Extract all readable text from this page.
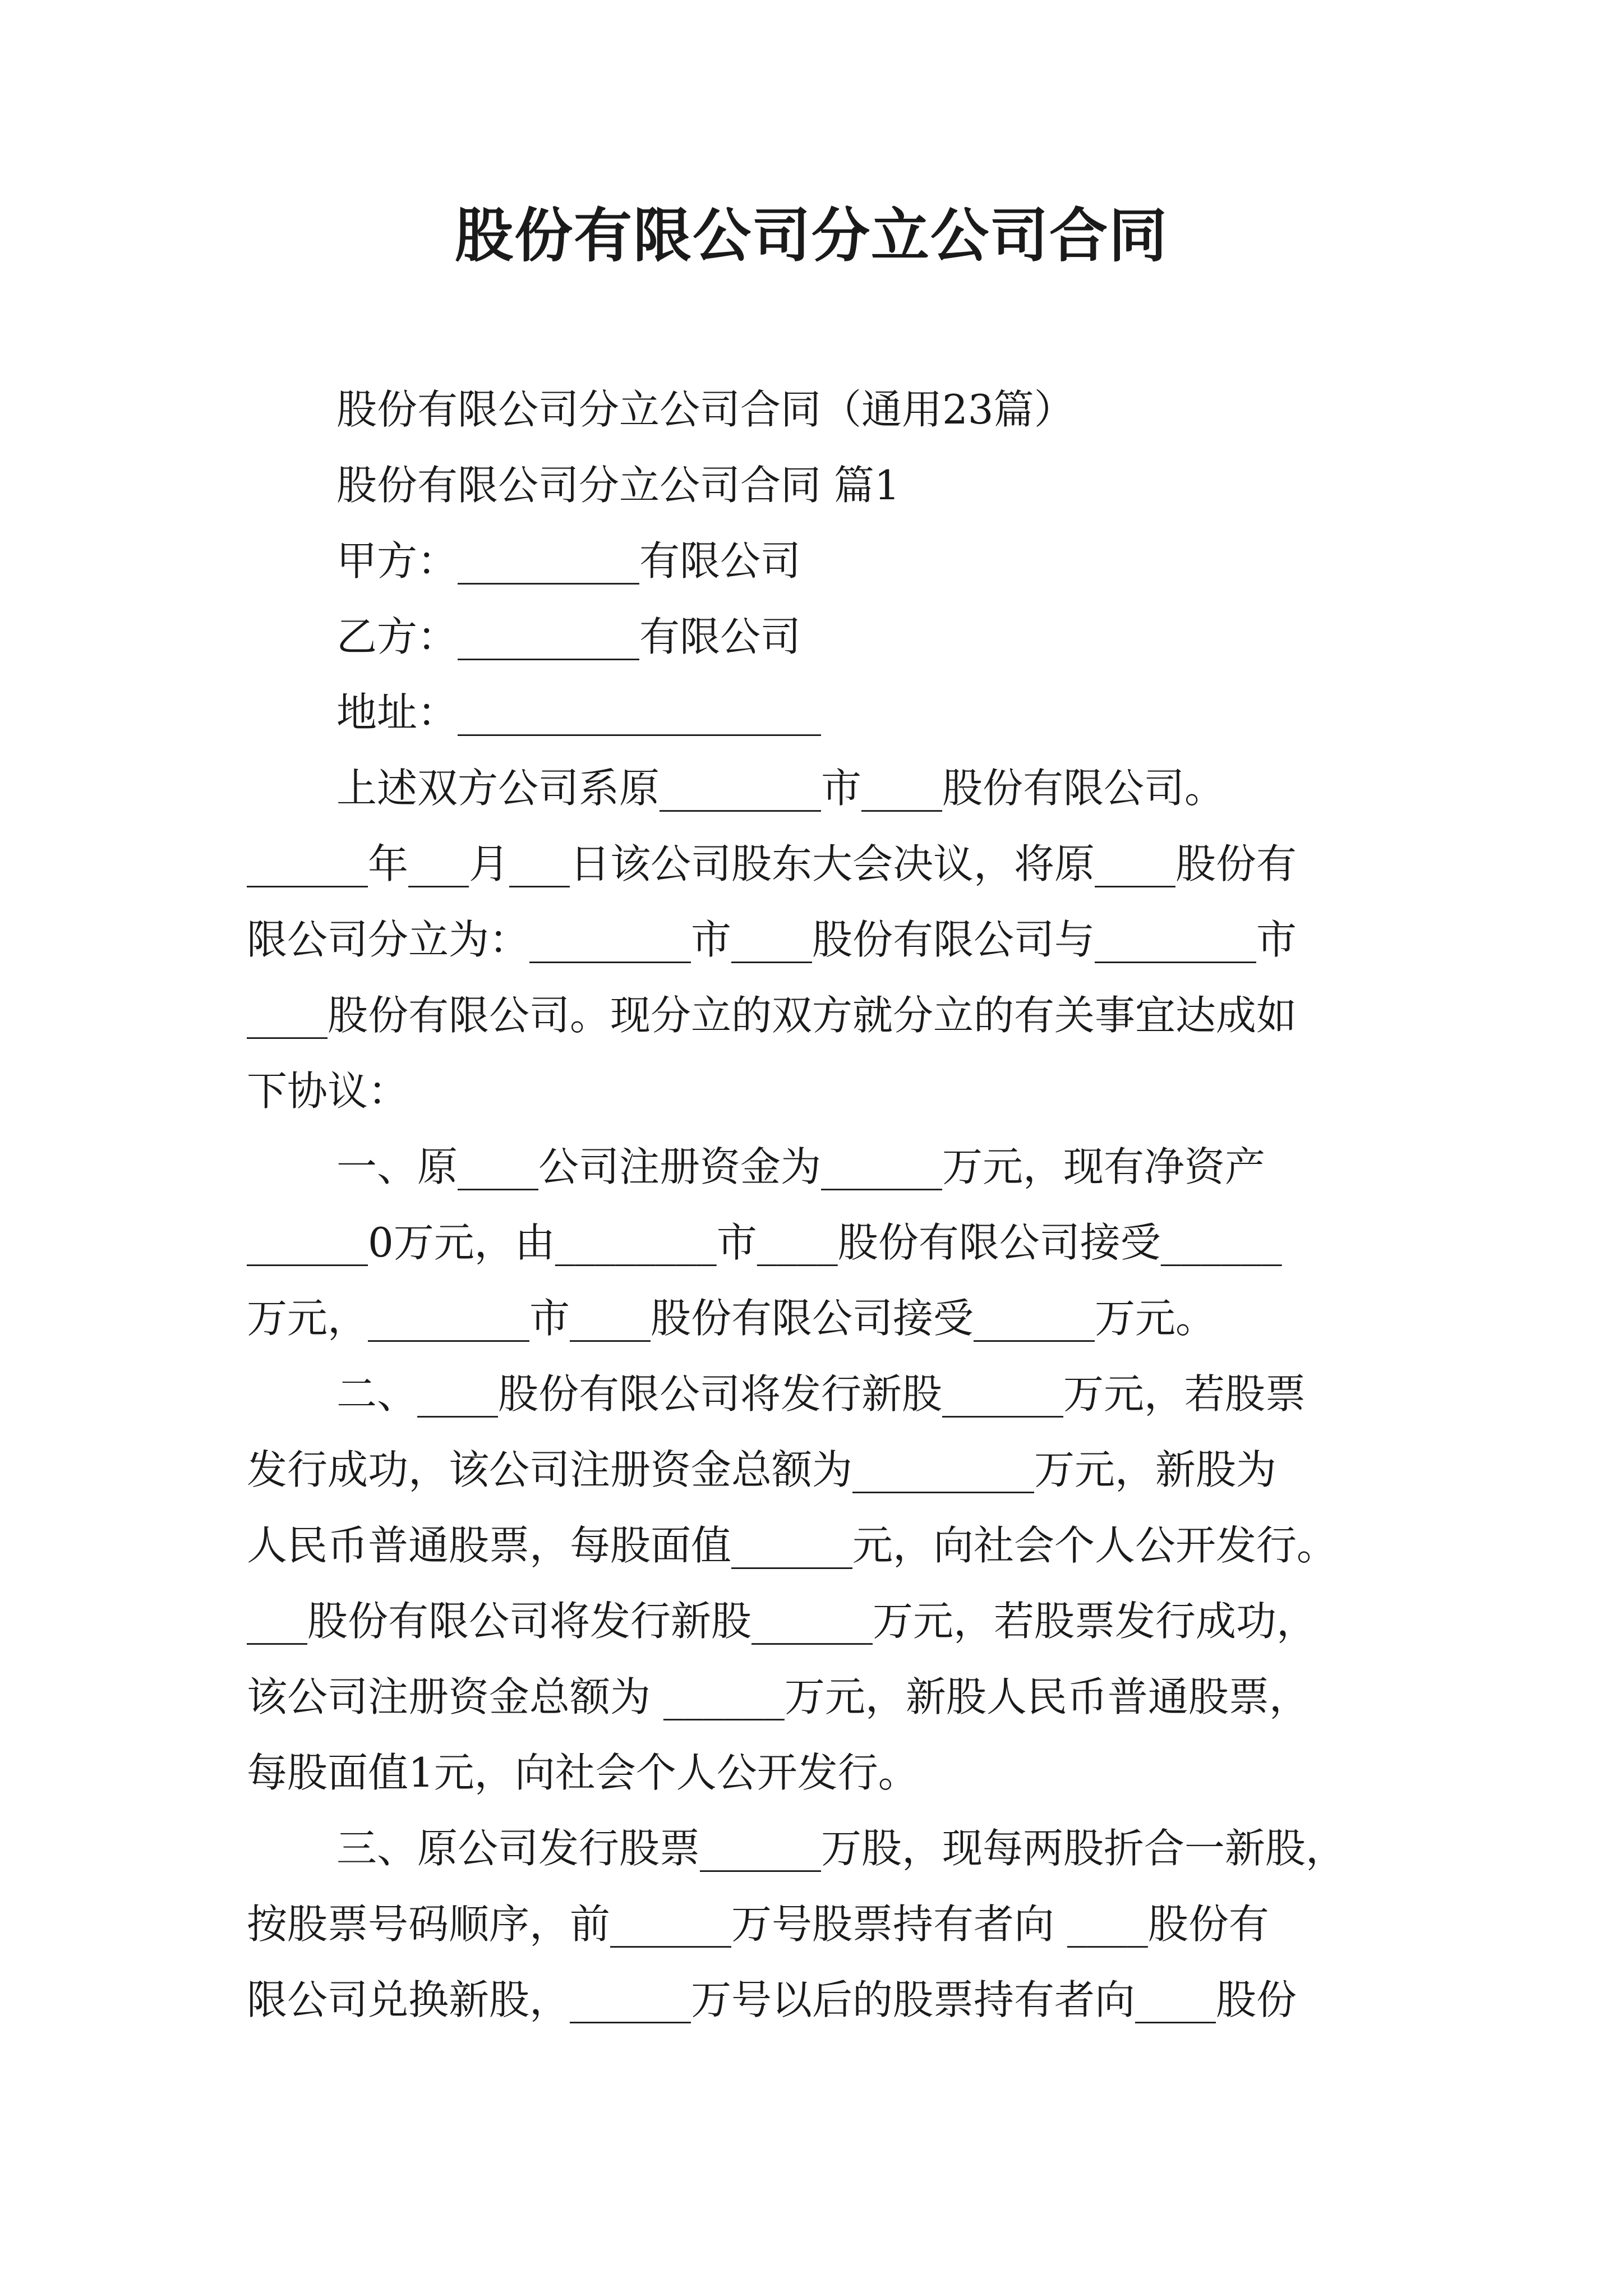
股份有限公司分立公司合同

股份有限公司分立公司合同（通用23篇）

股份有限公司分立公司合同 篇1

甲方：_________有限公司

乙方：_________有限公司

地址：__________________

上述双方公司系原________市____股份有限公司。

______年___月___日该公司股东大会决议，将原____股份有

限公司分立为：________市____股份有限公司与________市

____股份有限公司。现分立的双方就分立的有关事宜达成如

下协议：

一、原____公司注册资金为______万元，现有净资产

______0万元，由________市____股份有限公司接受______

万元，________市____股份有限公司接受______万元。

二、____股份有限公司将发行新股______万元，若股票

发行成功，该公司注册资金总额为_________万元，新股为

人民币普通股票，每股面值______元，向社会个人公开发行。

___股份有限公司将发行新股______万元，若股票发行成功，

该公司注册资金总额为 ______万元，新股人民币普通股票，

每股面值1元，向社会个人公开发行。

三、原公司发行股票______万股，现每两股折合一新股，

按股票号码顺序，前______万号股票持有者向 ____股份有

限公司兑换新股，______万号以后的股票持有者向____股份
